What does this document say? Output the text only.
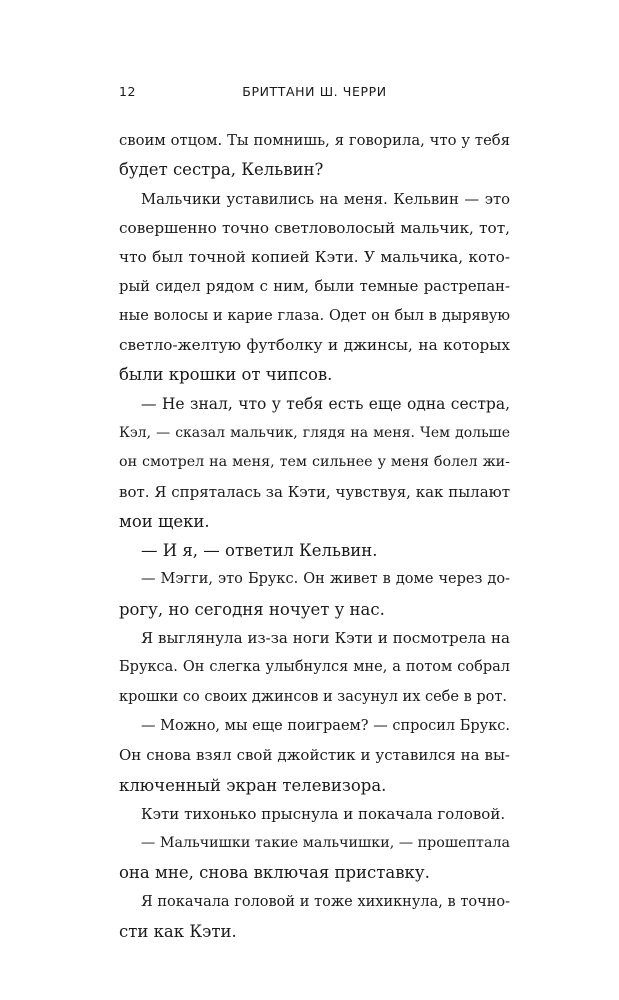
12	БРИТТАНИ Ш. ЧЕРРИ
своим отцом. Ты помнишь, я говорила, что у тебя
будет сестра, Кельвин?
Мальчики уставились на меня. Кельвин — это
совершенно точно светловолосый мальчик, тот,
что был точной копией Кэти. У мальчика, кото-
рый сидел рядом с ним, были темные растрепан-
ные волосы и карие глаза. Одет он был в дырявую
светло-желтую футболку и джинсы, на которых
были крошки от чипсов.
— Не знал, что у тебя есть еще одна сестра,
Кэл, — сказал мальчик, глядя на меня. Чем дольше
он смотрел на меня, тем сильнее у меня болел жи-
вот. Я спряталась за Кэти, чувствуя, как пылают
мои щеки.
— И я, — ответил Кельвин.
— Мэгги, это Брукс. Он живет в доме через до-
рогу, но сегодня ночует у нас.
Я выглянула из-за ноги Кэти и посмотрела на
Брукса. Он слегка улыбнулся мне, а потом собрал
крошки со своих джинсов и засунул их себе в рот.
— Можно, мы еще поиграем? — спросил Брукс.
Он снова взял свой джойстик и уставился на вы-
ключенный экран телевизора.
Кэти тихонько прыснула и покачала головой.
— Мальчишки такие мальчишки, — прошептала
она мне, снова включая приставку.
Я покачала головой и тоже хихикнула, в точно-
сти как Кэти.
